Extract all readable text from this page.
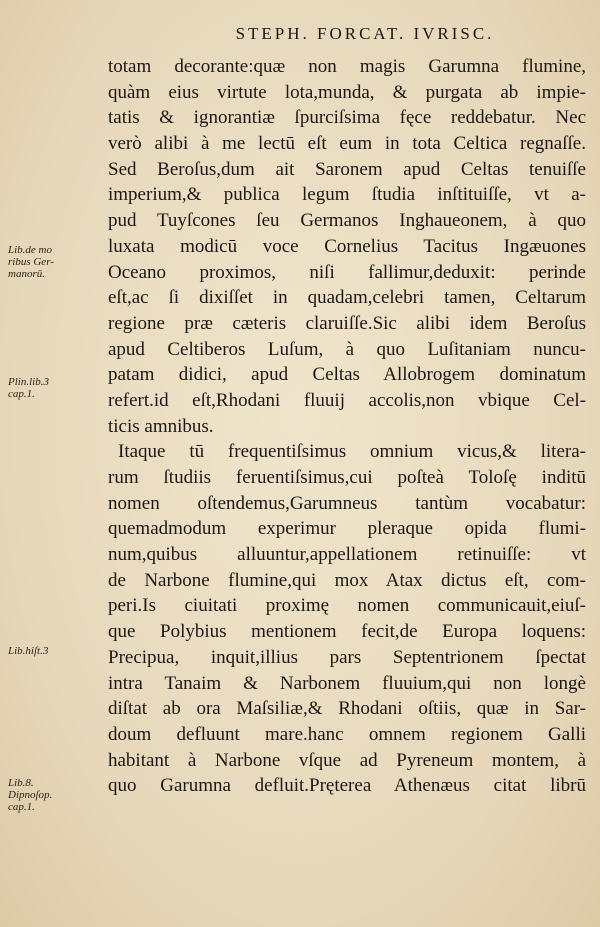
STEPH. FORCAT. IVRISC.
totam decorante:quæ non magis Garumna flumine,
quàm eius virtute lota,munda, & purgata ab impie-
tatis & ignorantiæ ſpurciſsima fęce reddebatur. Nec
verò alibi à me lectū eſt eum in tota Celtica regnaſſe.
Sed Beroſus,dum ait Saronem apud Celtas tenuiſſe
imperium,& publica legum ſtudia inſtituiſſe, vt a-
pud Tuyſcones ſeu Germanos Inghaueonem, à quo
luxata modicū voce Cornelius Tacitus Ingæuones
Oceano proximos, niſi fallimur,deduxit: perinde
eſt,ac ſi dixiſſet in quadam,celebri tamen, Celtarum
regione præ cæteris claruiſſe.Sic alibi idem Beroſus
apud Celtiberos Luſum, à quo Luſitaniam nuncu-
patam didici, apud Celtas Allobrogem dominatum
refert.id eſt,Rhodani fluuij accolis,non vbique Cel-
ticis amnibus.
Itaque tū frequentiſsimus omnium vicus,& litera-
rum ſtudiis feruentiſsimus,cui poſteà Toloſę inditū
nomen oſtendemus,Garumneus tantùm vocabatur:
quemadmodum experimur pleraque opida flumi-
num,quibus alluuntur,appellationem retinuiſſe: vt
de Narbone flumine,qui mox Atax dictus eſt, com-
peri.Is ciuitati proximę nomen communicauit,eiuſ-
que Polybius mentionem fecit,de Europa loquens:
Precipua, inquit,illius pars Septentrionem ſpectat
intra Tanaim & Narbonem fluuium,qui non longè
diſtat ab ora Maſsiliæ,& Rhodani oſtiis, quæ in Sar-
doum defluunt mare.hanc omnem regionem Galli
habitant à Narbone vſque ad Pyreneum montem, à
quo Garumna defluit.Pręterea Athenæus citat librū
Lib.de mo
ribus Ger-
manorū.
Plin.lib.3
cap.1.
Lib.hiſt.3
Lib.8.
Dipnoſop.
cap.1.
